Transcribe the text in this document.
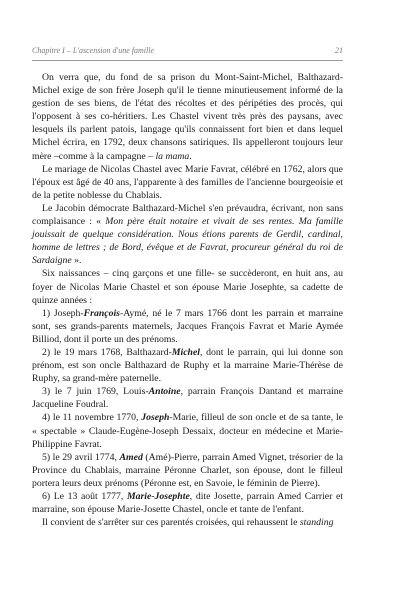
Chapitre I – L'ascension d'une famille	21

On verra que, du fond de sa prison du Mont-Saint-Michel, Balthazard-Michel exige de son frère Joseph qu'il le tienne minutieusement informé de la gestion de ses biens, de l'état des récoltes et des péripéties des procès, qui l'opposent à ses co-héritiers. Les Chastel vivent très près des paysans, avec lesquels ils parlent patois, langage qu'ils connaissent fort bien et dans lequel Michel écrira, en 1792, deux chansons satiriques. Ils appelleront toujours leur mère –comme à la campagne – la mama.

Le mariage de Nicolas Chastel avec Marie Favrat, célébré en 1762, alors que l'époux est âgé de 40 ans, l'apparente à des familles de l'ancienne bourgeoisie et de la petite noblesse du Chablais.

Le Jacobin démocrate Balthazard-Michel s'en prévaudra, écrivant, non sans complaisance : « Mon père était notaire et vivait de ses rentes. Ma famille jouissait de quelque considération. Nous étions parents de Gerdil, cardinal, homme de lettres ; de Bord, évêque et de Favrat, procureur général du roi de Sardaigne ».

Six naissances – cinq garçons et une fille- se succèderont, en huit ans, au foyer de Nicolas Marie Chastel et son épouse Marie Josephte, sa cadette de quinze années :

1) Joseph-François-Aymé, né le 7 mars 1766 dont les parrain et marraine sont, ses grands-parents maternels, Jacques François Favrat et Marie Aymée Billiod, dont il porte un des prénoms.

2) le 19 mars 1768, Balthazard-Michel, dont le parrain, qui lui donne son prénom, est son oncle Balthazard de Ruphy et la marraine Marie-Thérèse de Ruphy, sa grand-mère paternelle.

3) le 7 juin 1769, Louis-Antoine, parrain François Dantand et marraine Jacqueline Foudral.

4) le 11 novembre 1770, Joseph-Marie, filleul de son oncle et de sa tante, le « spectable » Claude-Eugène-Joseph Dessaix, docteur en médecine et Marie-Philippine Favrat.

5) le 29 avril 1774, Amed (Amé)-Pierre, parrain Amed Vignet, trésorier de la Province du Chablais, marraine Péronne Charlet, son épouse, dont le filleul portera leurs deux prénoms (Péronne est, en Savoie, le féminin de Pierre).

6) Le 13 août 1777, Marie-Josephte, dite Josette, parrain Amed Carrier et marraine, son épouse Marie-Josette Chastel, oncle et tante de l'enfant.

Il convient de s'arrêter sur ces parentés croisées, qui rehaussent le standing
